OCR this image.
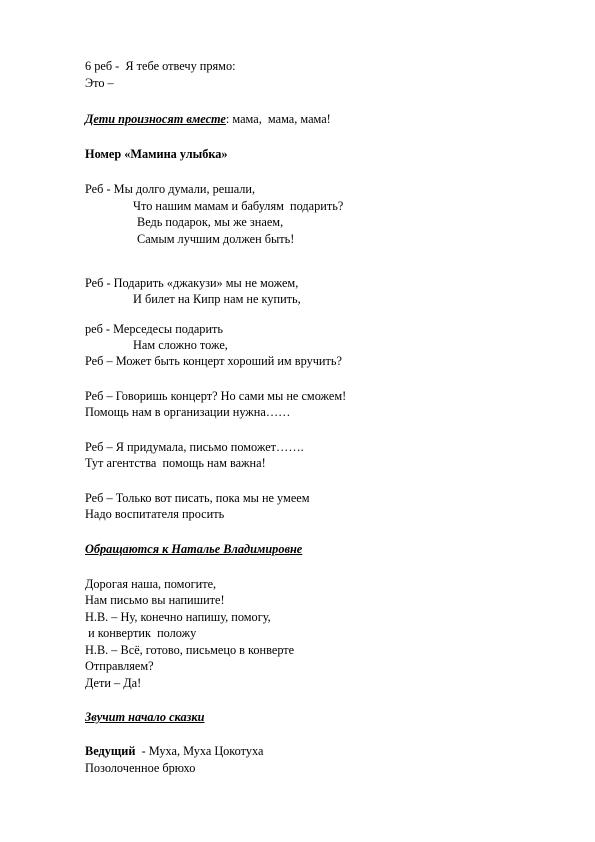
6 реб -  Я тебе отвечу прямо:
Это –
Дети произносят вместе: мама,  мама, мама!
Номер «Мамина улыбка»
Реб - Мы долго думали, решали,
Что нашим мамам и бабулям  подарить?
Ведь подарок, мы же знаем,
Самым лучшим должен быть!
Реб - Подарить «джакузи» мы не можем,
И билет на Кипр нам не купить,
реб - Мерседесы подарить
Нам сложно тоже,
Реб – Может быть концерт хороший им вручить?
Реб – Говоришь концерт? Но сами мы не сможем!
Помощь нам в организации нужна……
Реб – Я придумала, письмо поможет…….
Тут агентства  помощь нам важна!
Реб – Только вот писать, пока мы не умеем
Надо воспитателя просить
Обращаются к Наталье Владимировне
Дорогая наша, помогите,
Нам письмо вы напишите!
Н.В. – Ну, конечно напишу, помогу,
и конвертик  положу
Н.В. – Всё, готово, письмецо в конверте
Отправляем?
Дети – Да!
Звучит начало сказки
Ведущий  - Муха, Муха Цокотуха
Позолоченное брюхо
